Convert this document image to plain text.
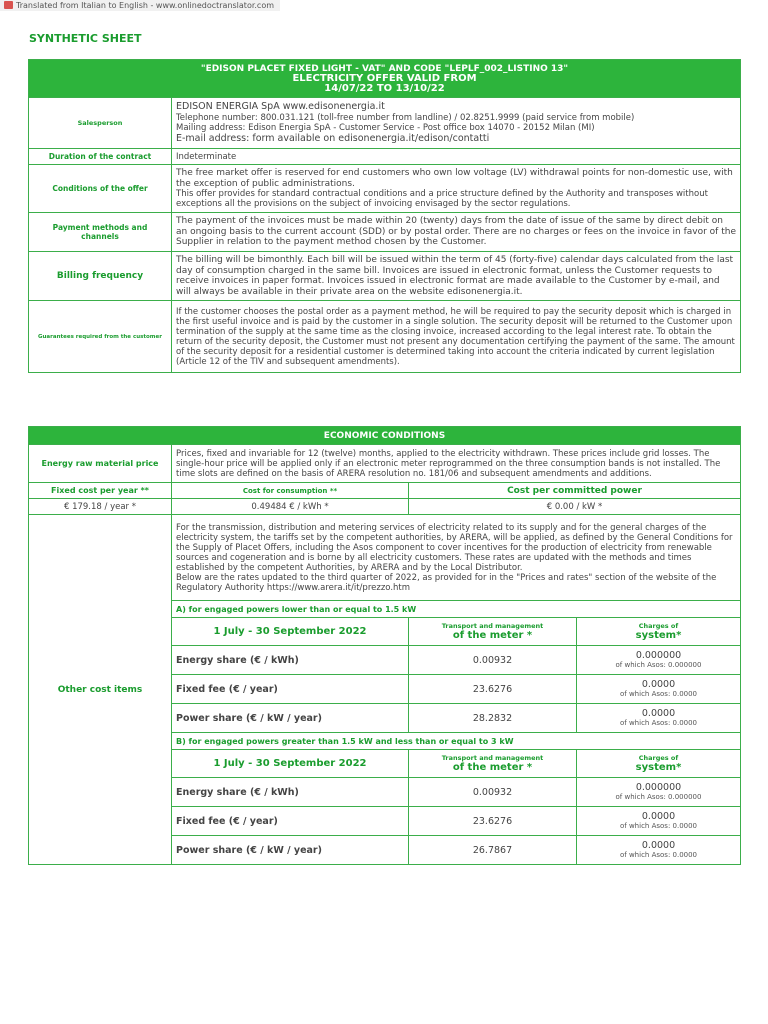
Translated from Italian to English - www.onlinedoctranslator.com
SYNTHETIC SHEET
"EDISON PLACET FIXED LIGHT - VAT" AND CODE "LEPLF_002_LISTINO 13"
ELECTRICITY OFFER VALID FROM
14/07/22 TO 13/10/22	

Salesperson	EDISON ENERGIA SpA www.edisonenergia.it
Telephone number: 800.031.121 (toll-free number from landline) / 02.8251.9999 (paid service from mobile)
Mailing address: Edison Energia SpA - Customer Service - Post office box 14070 - 20152 Milan (MI)
E-mail address: form available on edisonenergia.it/edison/contatti

Duration of the contract	Indeterminate

Conditions of the offer	The free market offer is reserved for end customers who own low voltage (LV) withdrawal points for non-domestic use, with the exception of public administrations.
This offer provides for standard contractual conditions and a price structure defined by the Authority and transposes without exceptions all the provisions on the subject of invoicing envisaged by the sector regulations.

Payment methods and channels	The payment of the invoices must be made within 20 (twenty) days from the date of issue of the same by direct debit on an ongoing basis to the current account (SDD) or by postal order. There are no charges or fees on the invoice in favor of the Supplier in relation to the payment method chosen by the Customer.

Billing frequency	The billing will be bimonthly. Each bill will be issued within the term of 45 (forty-five) calendar days calculated from the last day of consumption charged in the same bill. Invoices are issued in electronic format, unless the Customer requests to receive invoices in paper format. Invoices issued in electronic format are made available to the Customer by e-mail, and will always be available in their private area on the website edisonenergia.it.

Guarantees required from the customer	If the customer chooses the postal order as a payment method, he will be required to pay the security deposit which is charged in the first useful invoice and is paid by the customer in a single solution. The security deposit will be returned to the Customer upon termination of the supply at the same time as the closing invoice, increased according to the legal interest rate. To obtain the return of the security deposit, the Customer must not present any documentation certifying the payment of the same. The amount of the security deposit for a residential customer is determined taking into account the criteria indicated by current legislation (Article 12 of the TIV and subsequent amendments).
ECONOMIC CONDITIONS			
Energy raw material price	Prices, fixed and invariable for 12 (twelve) months, applied to the electricity withdrawn. These prices include grid losses. The single-hour price will be applied only if an electronic meter reprogrammed on the three consumption bands is not installed. The time slots are defined on the basis of ARERA resolution no. 181/06 and subsequent amendments and additions.		
Fixed cost per year **	Cost for consumption **	Cost per committed power	
€ 179.18 / year *	0.49484 € / kWh *	€ 0.00 / kW *	
Other cost items	For the transmission, distribution and metering services of electricity related to its supply and for the general charges of the electricity system, the tariffs set by the competent authorities, by ARERA, will be applied, as defined by the General Conditions for the Supply of Placet Offers, including the Asos component to cover incentives for the production of electricity from renewable sources and cogeneration and is borne by all electricity customers. These rates are updated with the methods and times established by the competent Authorities, by ARERA and by the Local Distributor.
Below are the rates updated to the third quarter of 2022, as provided for in the "Prices and rates" section of the website of the Regulatory Authority https://www.arera.it/it/prezzo.htm		

	A) for engaged powers lower than or equal to 1.5 kW		
	1 July - 30 September 2022	Transport and management
of the meter *	Charges of
system*
	Energy share (€ / kWh)	0.00932	0.000000
of which Asos: 0.000000

	Fixed fee (€ / year)	23.6276	0.0000
of which Asos: 0.0000

	Power share (€ / kW / year)	28.2832	0.0000
of which Asos: 0.0000

	B) for engaged powers greater than 1.5 kW and less than or equal to 3 kW		
	1 July - 30 September 2022	Transport and management
of the meter *	Charges of
system*
	Energy share (€ / kWh)	0.00932	0.000000
of which Asos: 0.000000

	Fixed fee (€ / year)	23.6276	0.0000
of which Asos: 0.0000

	Power share (€ / kW / year)	26.7867	0.0000
of which Asos: 0.0000
